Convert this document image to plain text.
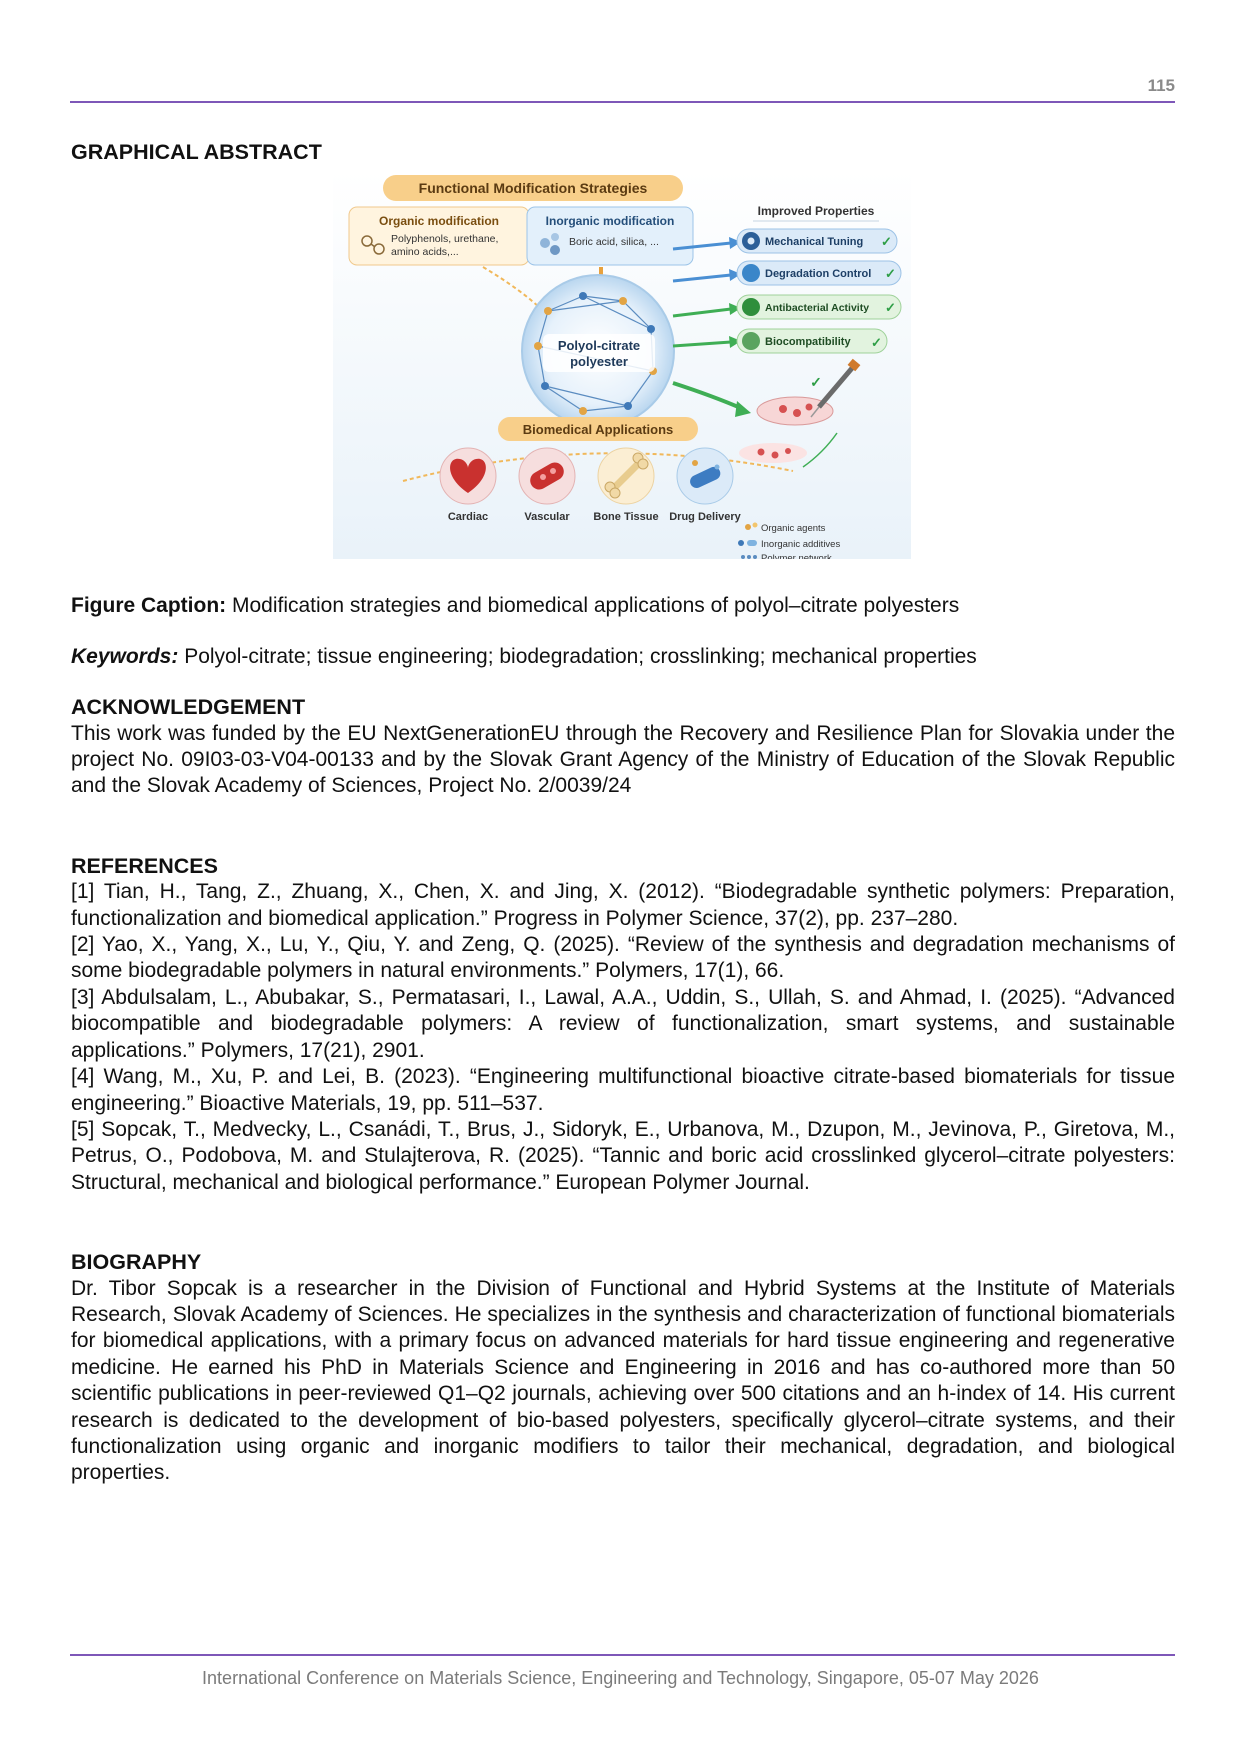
115

GRAPHICAL ABSTRACT

Functional Modification Strategies
Organic modification
Polyphenols, urethane,
amino acids,...
Inorganic modification
Boric acid, silica, ...
Polyol-citrate
polyester
Improved Properties
Mechanical Tuning ✓
Degradation Control ✓
Antibacterial Activity ✓
Biocompatibility ✓
✓
Biomedical Applications
Cardiac	Vascular Bone Tissue Drug Delivery
Organic agents
Inorganic additives
Polymer network

Figure Caption: Modification strategies and biomedical applications of polyol–citrate polyesters

Keywords: Polyol-citrate; tissue engineering; biodegradation; crosslinking; mechanical properties

ACKNOWLEDGEMENT

This work was funded by the EU NextGenerationEU through the Recovery and Resilience Plan for Slovakia under the project No. 09I03-03-V04-00133 and by the Slovak Grant Agency of the Ministry of Education of the Slovak Republic and the Slovak Academy of Sciences, Project No. 2/0039/24

REFERENCES

[1] Tian, H., Tang, Z., Zhuang, X., Chen, X. and Jing, X. (2012). “Biodegradable synthetic polymers: Preparation, functionalization and biomedical application.” Progress in Polymer Science, 37(2), pp. 237–280.

[2] Yao, X., Yang, X., Lu, Y., Qiu, Y. and Zeng, Q. (2025). “Review of the synthesis and degradation mechanisms of some biodegradable polymers in natural environments.” Polymers, 17(1), 66.

[3] Abdulsalam, L., Abubakar, S., Permatasari, I., Lawal, A.A., Uddin, S., Ullah, S. and Ahmad, I. (2025). “Advanced biocompatible and biodegradable polymers: A review of functionalization, smart systems, and sustainable applications.” Polymers, 17(21), 2901.

[4] Wang, M., Xu, P. and Lei, B. (2023). “Engineering multifunctional bioactive citrate-based biomaterials for tissue engineering.” Bioactive Materials, 19, pp. 511–537.

[5] Sopcak, T., Medvecky, L., Csanádi, T., Brus, J., Sidoryk, E., Urbanova, M., Dzupon, M., Jevinova, P., Giretova, M., Petrus, O., Podobova, M. and Stulajterova, R. (2025). “Tannic and boric acid crosslinked glycerol–citrate polyesters: Structural, mechanical and biological performance.” European Polymer Journal.

BIOGRAPHY

Dr. Tibor Sopcak is a researcher in the Division of Functional and Hybrid Systems at the Institute of Materials Research, Slovak Academy of Sciences. He specializes in the synthesis and characterization of functional biomaterials for biomedical applications, with a primary focus on advanced materials for hard tissue engineering and regenerative medicine. He earned his PhD in Materials Science and Engineering in 2016 and has co-authored more than 50 scientific publications in peer-reviewed Q1–Q2 journals, achieving over 500 citations and an h-index of 14. His current research is dedicated to the development of bio-based polyesters, specifically glycerol–citrate systems, and their functionalization using organic and inorganic modifiers to tailor their mechanical, degradation, and biological properties.

International Conference on Materials Science, Engineering and Technology, Singapore, 05-07 May 2026
